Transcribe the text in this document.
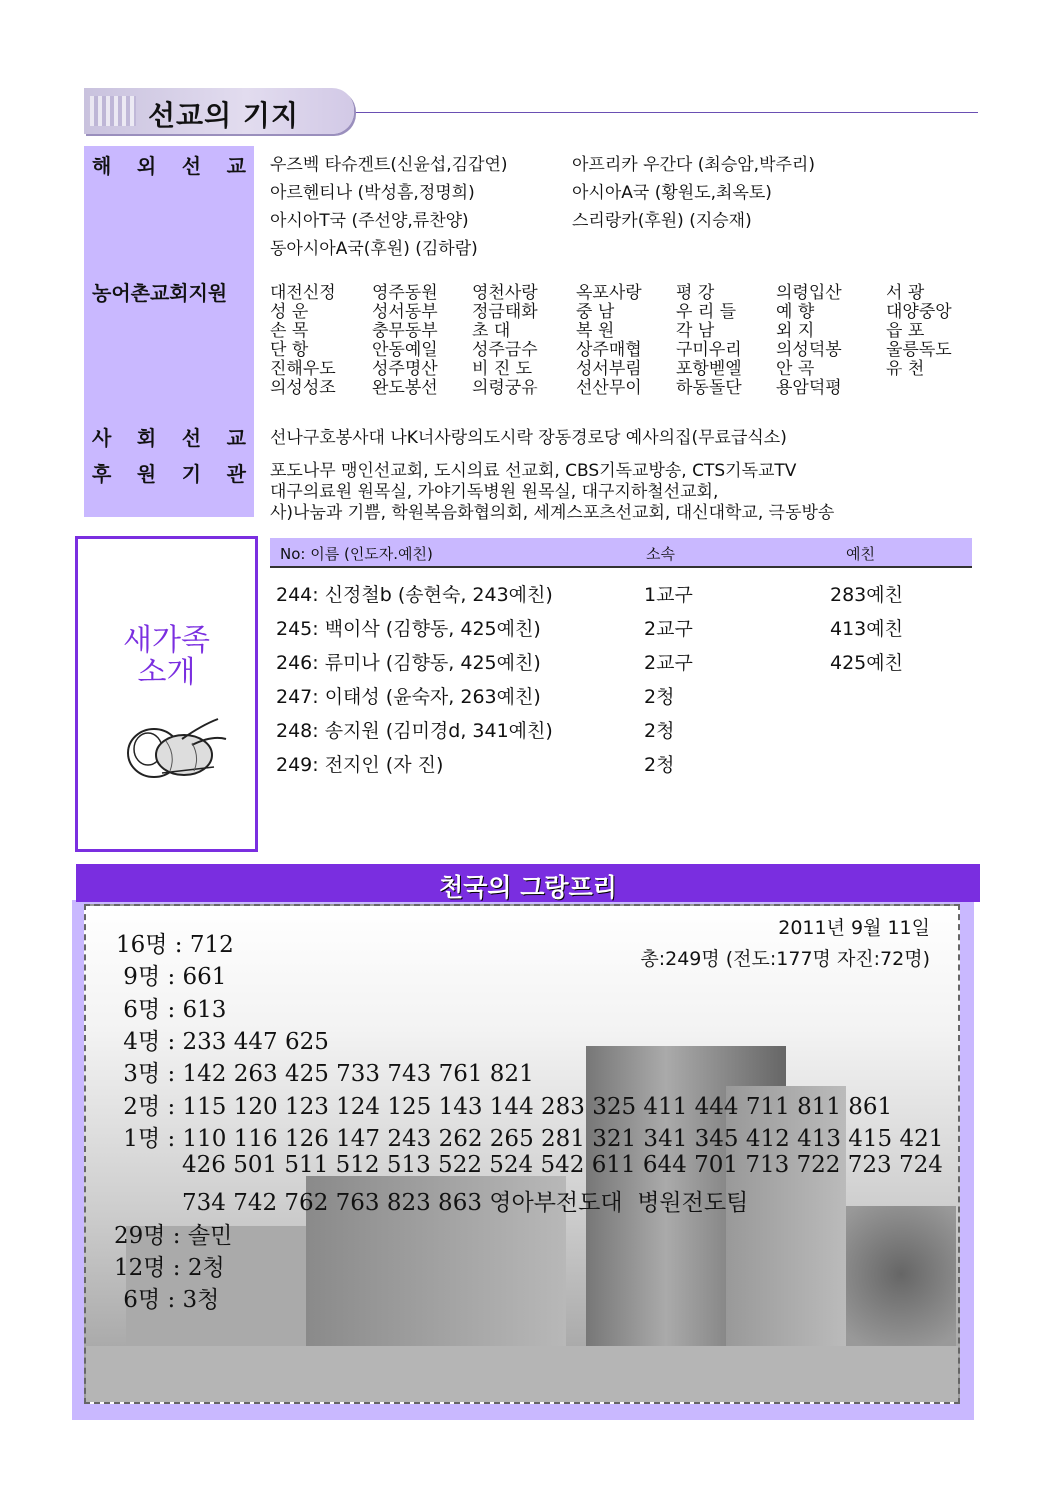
선교의 기지
해 외 선 교 우즈벡 타슈겐트(신윤섭,김갑연)	아프리카 우간다 (최승암,박주리)
아르헨티나 (박성흠,정명희)	아시아A국 (황원도,최옥토)
아시아T국 (주선양,류찬양)	스리랑카(후원) (지승재)
동아시아A국(후원) (김하람)
농어촌교회지원	대전신정	영주동원	영천사랑	옥포사랑	평 강	의령입산	서 광
성 운	성서동부	정금태화	중 남	우 리 들	예 향	대양중앙
손 목	충무동부	초 대	복 원	각 남	외 지	읍 포
단 항	안동예일	성주금수	상주매협	구미우리	의성덕봉	울릉독도
진해우도	성주명산	비 진 도	성서부림	포항벧엘	안 곡	유 천
의성성조	완도봉선	의령궁유	선산무이	하동돌단	용암덕평
사 회 선 교 선나구호봉사대 나K너사랑의도시락 장동경로당 예사의집(무료급식소)
후 원 기 관 포도나무 맹인선교회, 도시의료 선교회, CBS기독교방송, CTS기독교TV
대구의료원 원목실, 가야기독병원 원목실, 대구지하철선교회,
사)나눔과 기쁨, 학원복음화협의회, 세계스포츠선교회, 대신대학교, 극동방송
새가족
소개
No: 이름 (인도자.예친)	소속	예친
244: 신정철b (송현숙, 243예친)	1교구	283예친
245: 백이삭 (김향동, 425예친)	2교구	413예친
246: 류미나 (김향동, 425예친)	2교구	425예친
247: 이태성 (윤숙자, 263예친)	2청
248: 송지원 (김미경d, 341예친)	2청
249: 전지인 (자 진)	2청
천국의 그랑프리
2011년 9월 11일
총:249명 (전도:177명 자진:72명)
16명 : 712
9명 : 661
6명 : 613
4명 : 233 447 625
3명 : 142 263 425 733 743 761 821
2명 : 115 120 123 124 125 143 144 283 325 411 444 711 811 861
1명 : 110 116 126 147 243 262 265 281 321 341 345 412 413 415 421
426 501 511 512 513 522 524 542 611 644 701 713 722 723 724
734 742 762 763 823 863 영아부전도대  병원전도팀
29명 : 솔민
12명 : 2청
6명 : 3청
